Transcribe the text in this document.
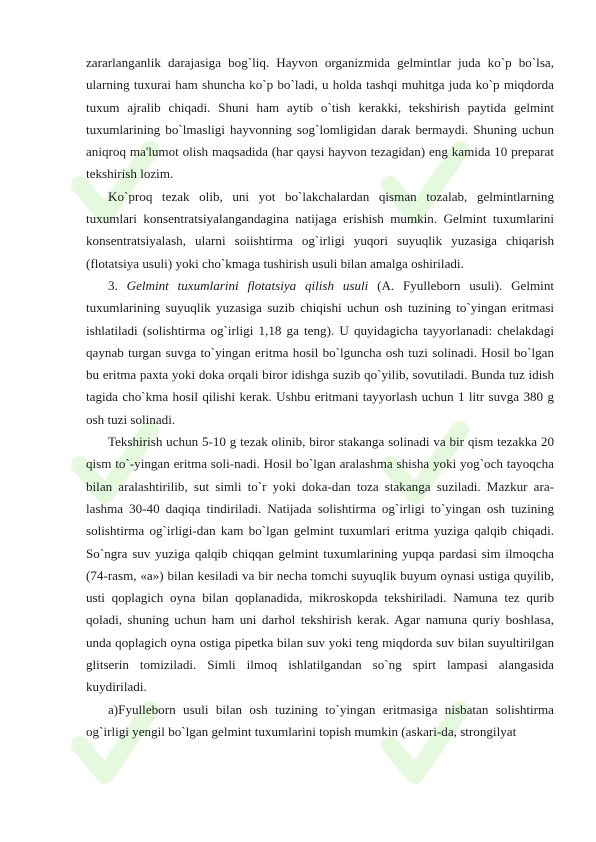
zararlanganlik darajasiga bog`liq. Hayvon organizmida gelmintlar juda ko`p bo`lsa, ularning tuxurai ham shuncha ko`p bo`ladi, u holda tashqi muhitga juda ko`p miqdorda tuxum ajralib chiqadi. Shuni ham aytib o`tish kerakki, tekshirish paytida gelmint tuxumlarining bo`lmasligi hayvonning sog`lomligidan darak bermaydi. Shuning uchun aniqroq ma'lumot olish maqsadida (har qaysi hayvon tezagidan) eng kamida 10 preparat tekshirish lozim.

Ko`proq tezak olib, uni yot bo`lakchalardan qisman tozalab, gelmintlarning tuxumlari konsentratsiyalangandagina natijaga erishish mumkin. Gelmint tuxumlarini konsentratsiyalash, ularni soiishtirma og`irligi yuqori suyuqlik yuzasiga chiqarish (flotatsiya usuli) yoki cho`kmaga tushirish usuli bilan amalga oshiriladi.

3. Gelmint tuxumlarini flotatsiya qilish usuli (A. Fyulleborn usuli). Gelmint tuxumlarining suyuqlik yuzasiga suzib chiqishi uchun osh tuzining to`yingan eritmasi ishlatiladi (solishtirma og`irligi 1,18 ga teng). U quyidagicha tayyorlanadi: chelakdagi qaynab turgan suvga to`yingan eritma hosil bo`lguncha osh tuzi solinadi. Hosil bo`lgan bu eritma paxta yoki doka orqali biror idishga suzib qo`yilib, sovutiladi. Bunda tuz idish tagida cho`kma hosil qilishi kerak. Ushbu eritmani tayyorlash uchun 1 litr suvga 380 g osh tuzi solinadi.

Tekshirish uchun 5-10 g tezak olinib, biror stakanga solinadi va bir qism tezakka 20 qism to`-yingan eritma soli-nadi. Hosil bo`lgan aralashma shisha yoki yog`och tayoqcha bilan aralashtirilib, sut simli to`r yoki doka-dan toza stakanga suziladi. Mazkur ara-lashma 30-40 daqiqa tindiriladi. Natijada solishtirma og`irligi to`yingan osh tuzining solishtirma og`irligi-dan kam bo`lgan gelmint tuxumlari eritma yuziga qalqib chiqadi. So`ngra suv yuziga qalqib chiqqan gelmint tuxumlarining yupqa pardasi sim ilmoqcha (74-rasm, «a») bilan kesiladi va bir necha tomchi suyuqlik buyum oynasi ustiga quyilib, usti qoplagich oyna bilan qoplanadida, mikroskopda tekshiriladi. Namuna tez qurib qoladi, shuning uchun ham uni darhol tekshirish kerak. Agar namuna quriy boshlasa, unda qoplagich oyna ostiga pipetka bilan suv yoki teng miqdorda suv bilan suyultirilgan glitserin tomiziladi. Simli ilmoq ishlatilgandan so`ng spirt lampasi alangasida kuydiriladi.

a)Fyulleborn usuli bilan osh tuzining to`yingan eritmasiga nisbatan solishtirma og`irligi yengil bo`lgan gelmint tuxumlarini topish mumkin (askari-da, strongilyat
